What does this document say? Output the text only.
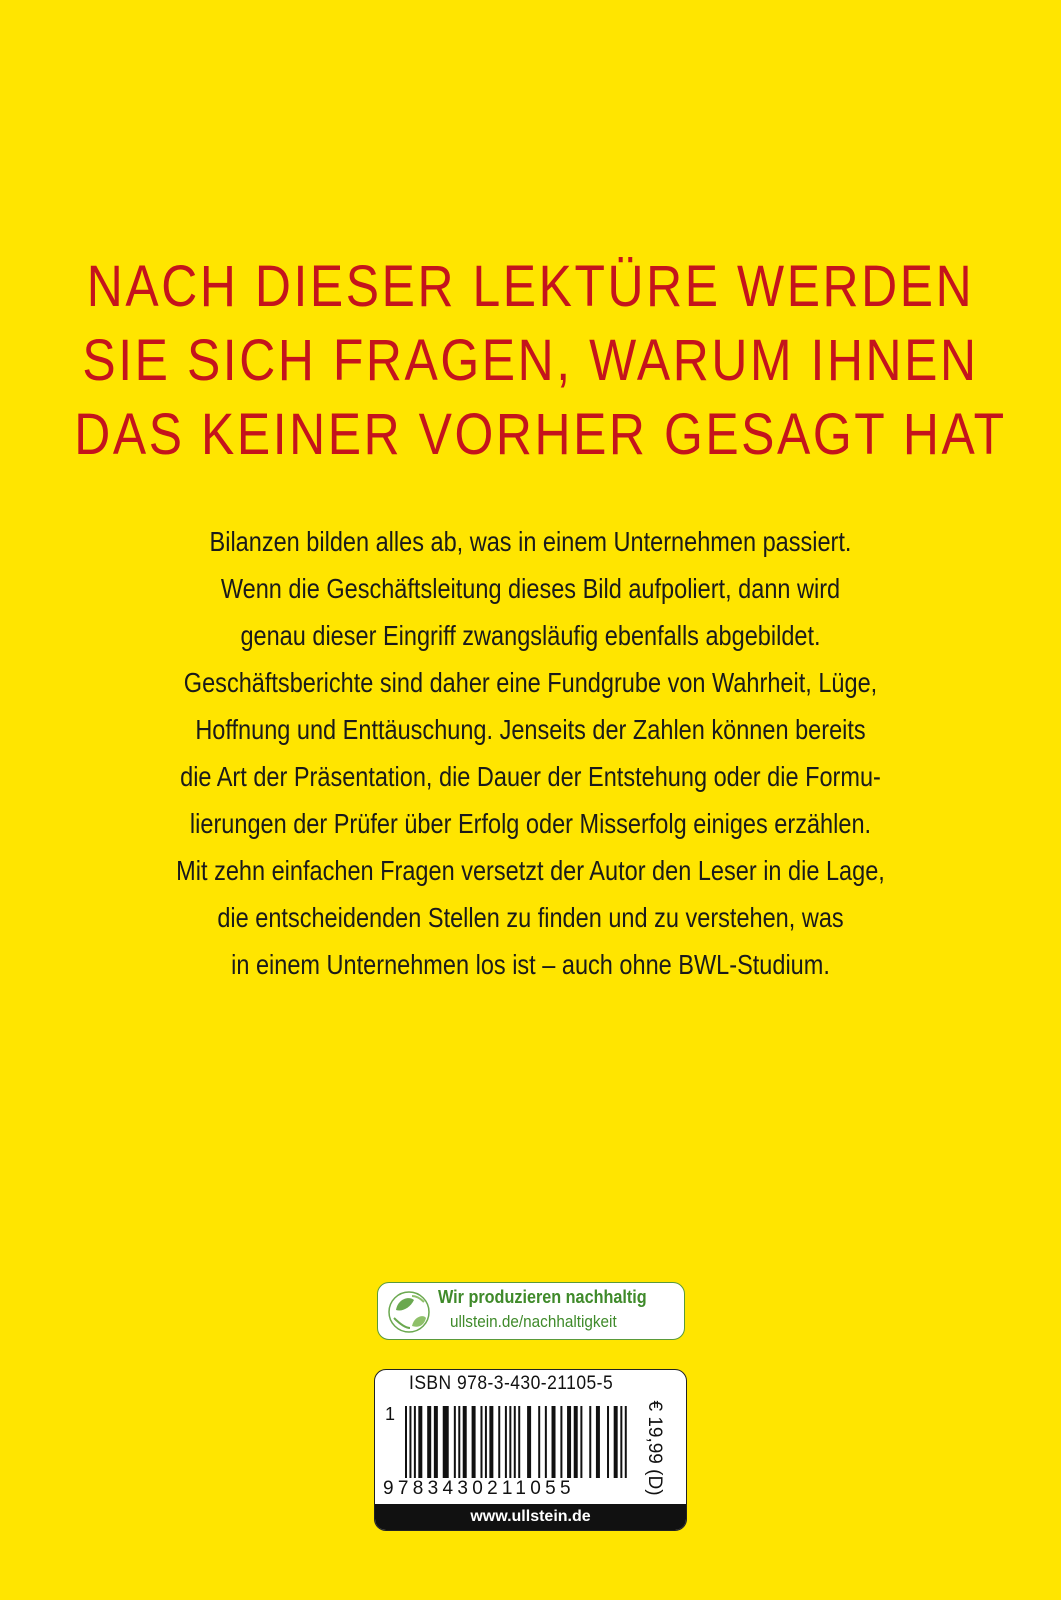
NACH DIESER LEKTÜRE WERDEN
SIE SICH FRAGEN, WARUM IHNEN
DAS KEINER VORHER GESAGT HAT
Bilanzen bilden alles ab, was in einem Unternehmen passiert.
Wenn die Geschäftsleitung dieses Bild aufpoliert, dann wird
genau dieser Eingriff zwangsläufig ebenfalls abgebildet.
Geschäftsberichte sind daher eine Fundgrube von Wahrheit, Lüge,
Hoffnung und Enttäuschung. Jenseits der Zahlen können bereits
die Art der Präsentation, die Dauer der Entstehung oder die Formu-
lierungen der Prüfer über Erfolg oder Misserfolg einiges erzählen.
Mit zehn einfachen Fragen versetzt der Autor den Leser in die Lage,
die entscheidenden Stellen zu finden und zu verstehen, was
in einem Unternehmen los ist – auch ohne BWL-Studium.
Wir produzieren nachhaltig
ullstein.de/nachhaltigkeit
ISBN 978-3-430-21105-5
1
9783430211055	€ 19,99 (D)
www.ullstein.de
